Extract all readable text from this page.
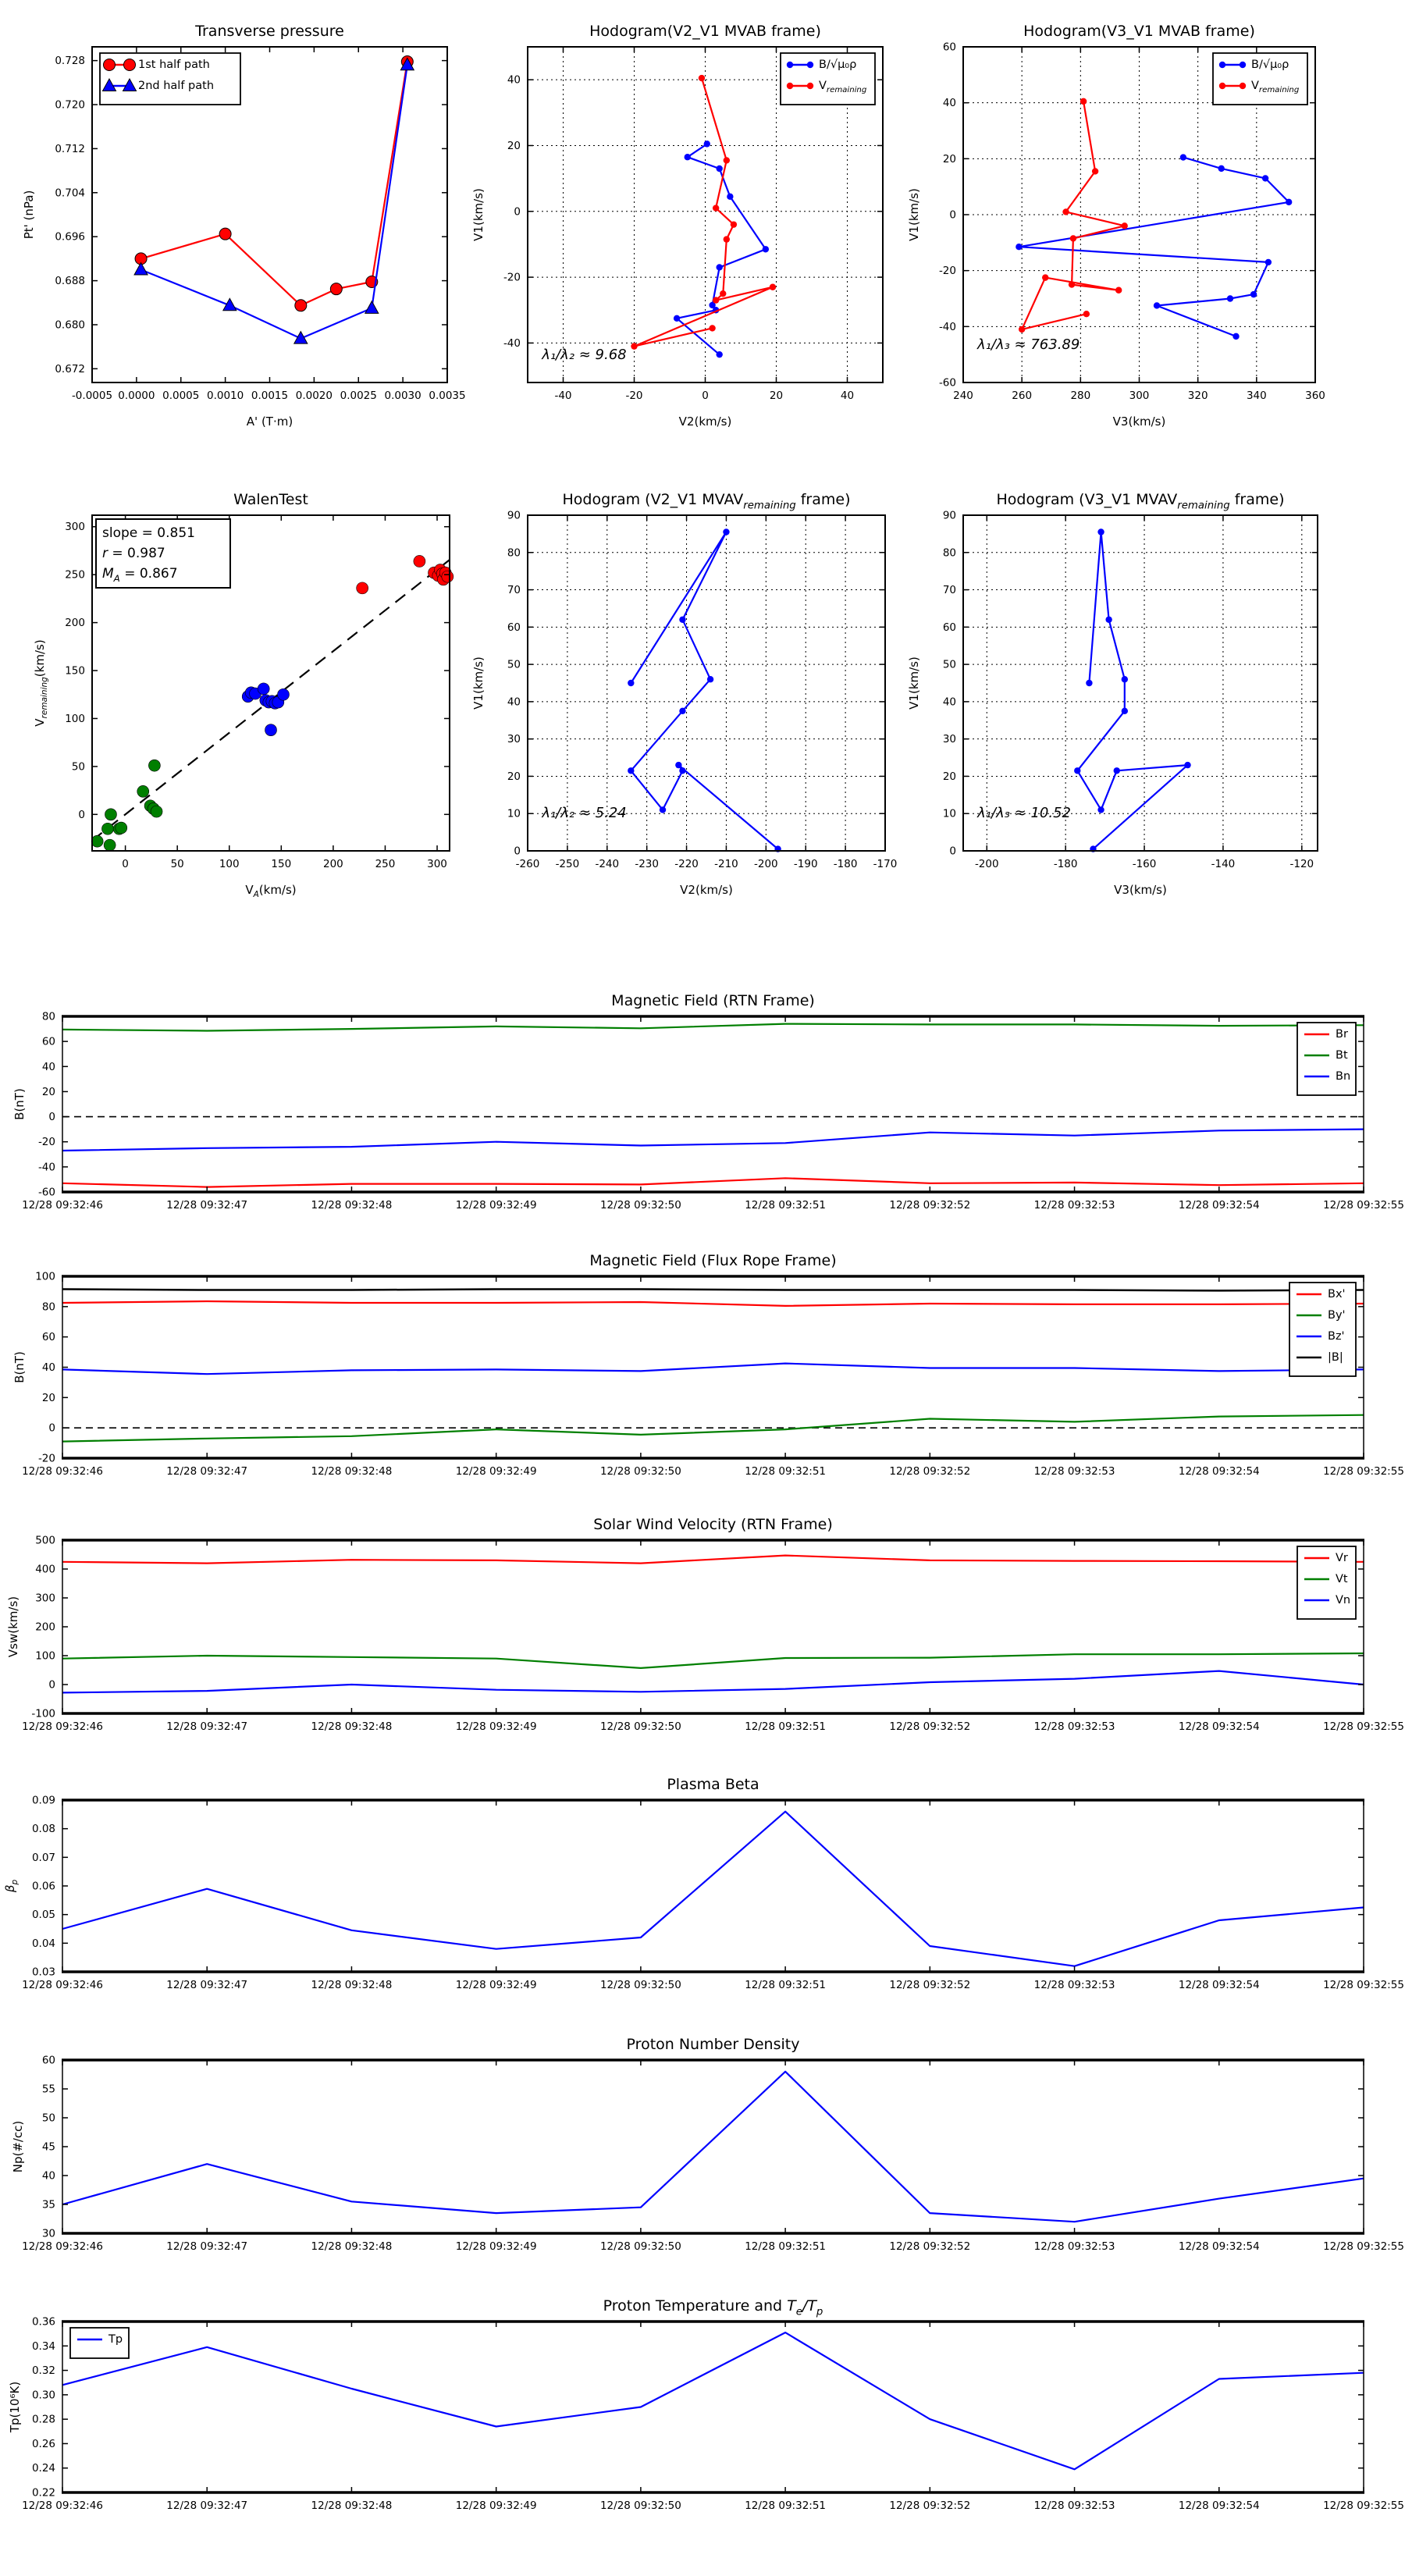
-0.0005 0.0000 0.0005 0.0010 0.0015 0.0020 0.0025 0.0030 0.0035
0.672
0.680
0.688
0.696
0.704
0.712
0.720
0.728
Transverse pressure
A' (T·m)
Pt' (nPa)
1st half path
2nd half path
-40	-20	0	20	40
-40
-20
0
20
40
Hodogram(V2_V1 MVAB frame)
V2(km/s)
V1(km/s)
λ₁/λ₂ ≈ 9.68
B/√μ₀ρ
$V_{remaining}$
240	260	280	300	320	340	360
-60
-40
-20
0
20
40
60
Hodogram(V3_V1 MVAB frame)
V3(km/s)
V1(km/s)
λ₁/λ₃ ≈ 763.89
B/√μ₀ρ
$V_{remaining}$
0	50	100	150	200	250	300
0
50
100
150
200
250
300
WalenTest
$V_A(km/s)$
$V_{remaining}(km/s)$
slope = 0.851
r = 0.987
$M_A = 0.867$
-260 -250 -240 -230 -220 -210 -200 -190 -180 -170
0
10
20
30
40
50
60
70
80
90
Hodogram (V2_V1 $MVAV_{remaining}$ frame)
V2(km/s)
V1(km/s)
λ₁/λ₂ ≈ 5.24
-200	-180	-160	-140	-120
0
10
20
30
40
50
60
70
80
90
Hodogram (V3_V1 $MVAV_{remaining}$ frame)
V3(km/s)
V1(km/s)
λ₁/λ₃ ≈ 10.52
12/28 09:32:46	12/28 09:32:47	12/28 09:32:48	12/28 09:32:49	12/28 09:32:50	12/28 09:32:51	12/28 09:32:52	12/28 09:32:53	12/28 09:32:54	12/28 09:32:55
-60
-40
-20
0
20
40
60
80
Magnetic Field (RTN Frame)
B(nT)
Br
Bt
Bn
12/28 09:32:46	12/28 09:32:47	12/28 09:32:48	12/28 09:32:49	12/28 09:32:50	12/28 09:32:51	12/28 09:32:52	12/28 09:32:53	12/28 09:32:54	12/28 09:32:55
-20
0
20
40
60
80
100
Magnetic Field (Flux Rope Frame)
B(nT)
Bx'
By'
Bz'
|B|
12/28 09:32:46	12/28 09:32:47	12/28 09:32:48	12/28 09:32:49	12/28 09:32:50	12/28 09:32:51	12/28 09:32:52	12/28 09:32:53	12/28 09:32:54	12/28 09:32:55
-100
0
100
200
300
400
500
Solar Wind Velocity (RTN Frame)
Vsw(km/s)
Vr
Vt
Vn
12/28 09:32:46	12/28 09:32:47	12/28 09:32:48	12/28 09:32:49	12/28 09:32:50	12/28 09:32:51	12/28 09:32:52	12/28 09:32:53	12/28 09:32:54	12/28 09:32:55
0.03
0.04
0.05
0.06
0.07
0.08
0.09
Plasma Beta
$\beta_p$
12/28 09:32:46	12/28 09:32:47	12/28 09:32:48	12/28 09:32:49	12/28 09:32:50	12/28 09:32:51	12/28 09:32:52	12/28 09:32:53	12/28 09:32:54	12/28 09:32:55
30
35
40
45
50
55
60
Proton Number Density
Np(#/cc)
12/28 09:32:46	12/28 09:32:47	12/28 09:32:48	12/28 09:32:49	12/28 09:32:50	12/28 09:32:51	12/28 09:32:52	12/28 09:32:53	12/28 09:32:54	12/28 09:32:55
0.22
0.24
0.26
0.28
0.30
0.32
0.34
0.36
Proton Temperature and $T_e/T_p$
Tp(10⁶K)
Tp
